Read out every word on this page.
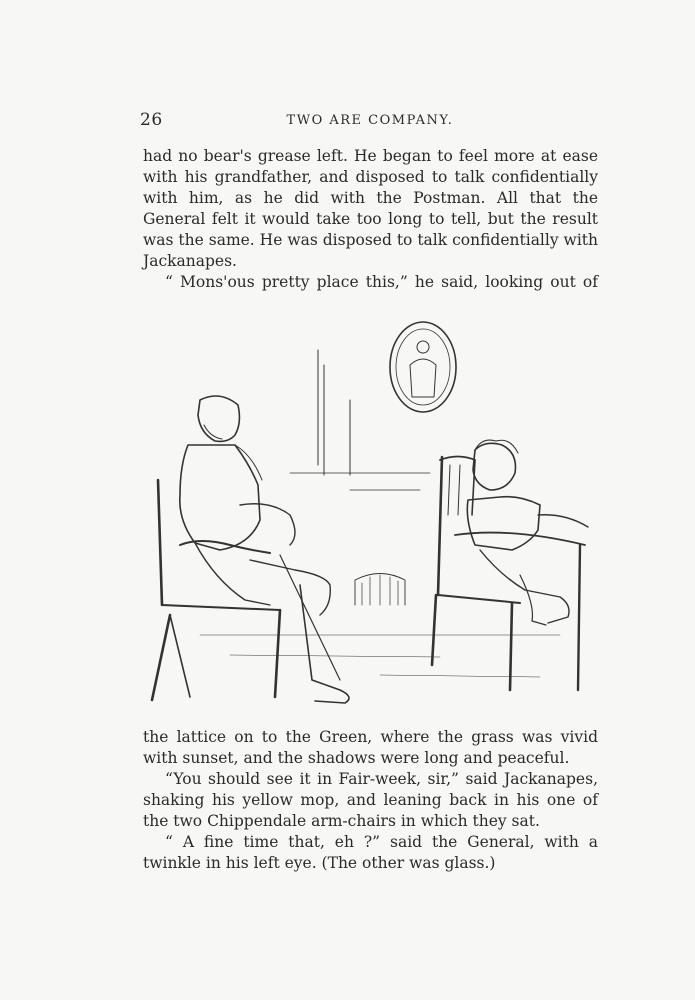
26	TWO ARE COMPANY.

had no bear's grease left. He began to feel more at ease with his grandfather, and disposed to talk confidentially with him, as he did with the Postman. All that the General felt it would take too long to tell, but the result was the same. He was disposed to talk confidentially with Jackanapes.

“ Mons'ous pretty place this,” he said, looking out of

the lattice on to the Green, where the grass was vivid with sunset, and the shadows were long and peaceful.

“You should see it in Fair-week, sir,” said Jackanapes, shaking his yellow mop, and leaning back in his one of the two Chippendale arm-chairs in which they sat.

“ A fine time that, eh ?” said the General, with a twinkle in his left eye. (The other was glass.)
